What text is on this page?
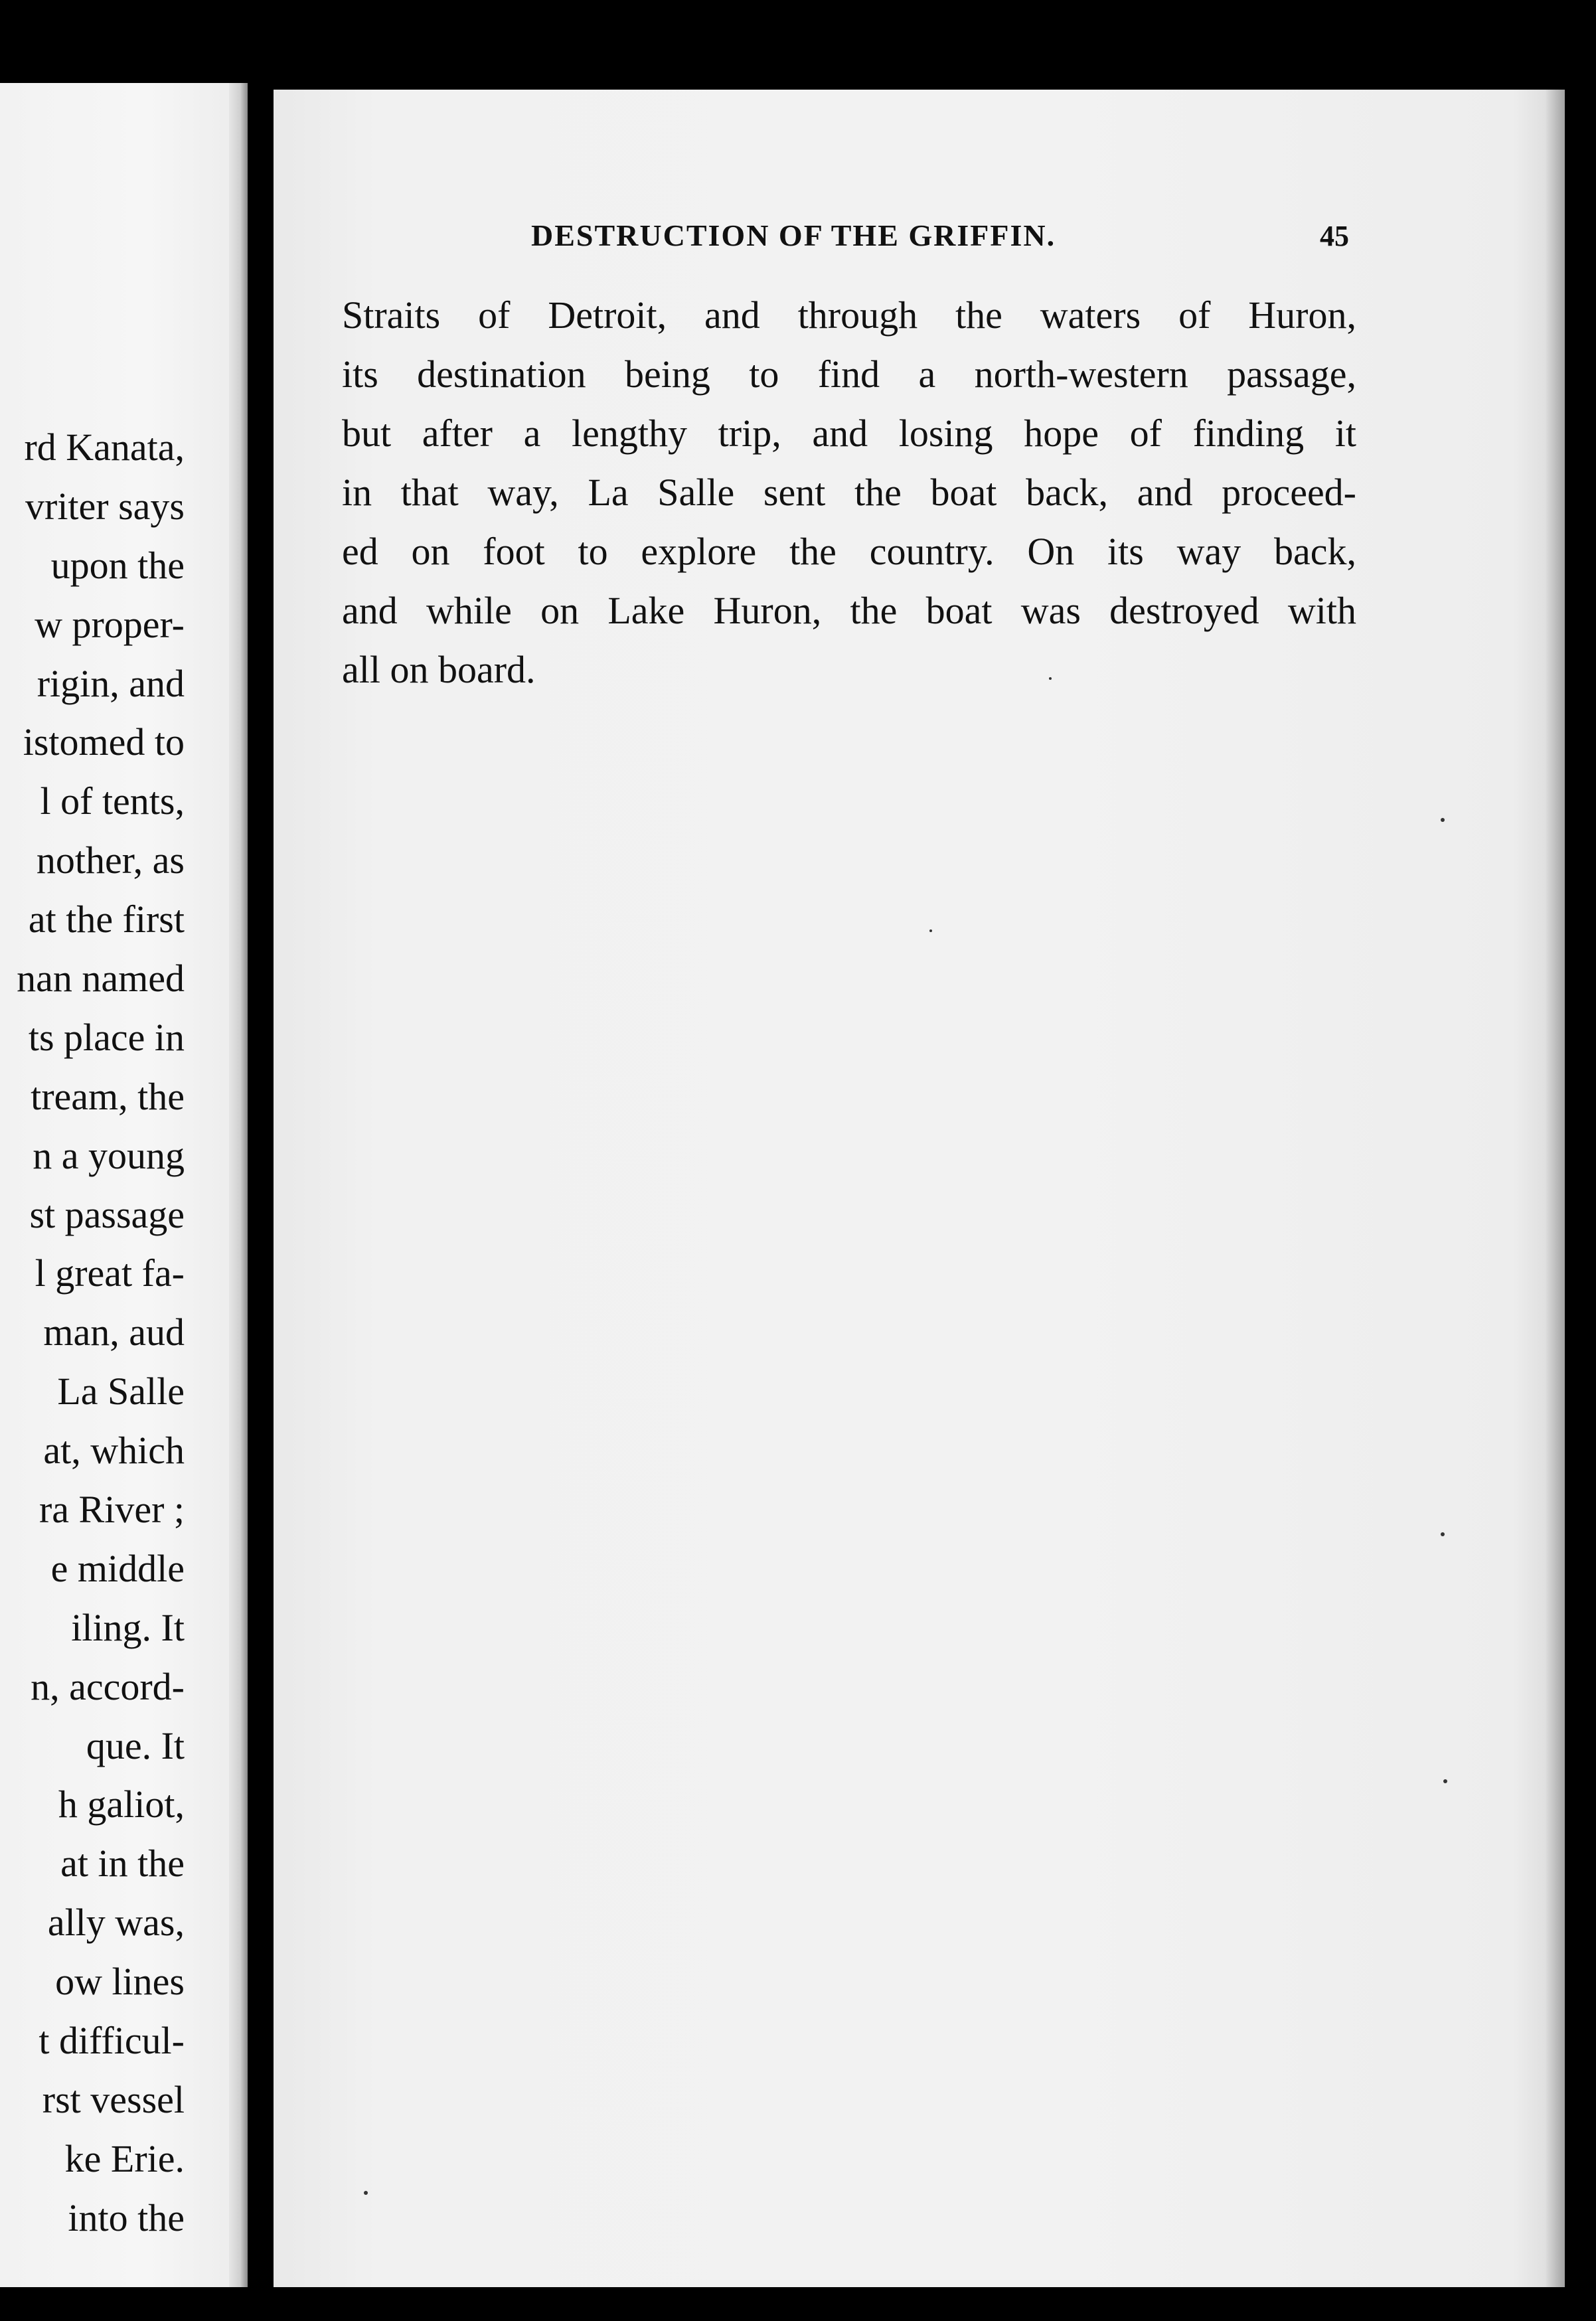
rd Kanata,
vriter says
upon the
w proper-
rigin, and
istomed to
l of tents,
nother, as
at the first
nan named
ts place in
tream, the
n a young
st passage
l great fa-
man, aud
La Salle
at, which
ra River ;
e middle
iling. It
n, accord-
que. It
h galiot,
at in the
ally was,
ow lines
t difficul-
rst vessel
ke Erie.
into the
DESTRUCTION OF THE GRIFFIN.	45
Straits of Detroit, and through the waters of Huron,
its destination being to find a north-western passage,
but after a lengthy trip, and losing hope of finding it
in that way, La Salle sent the boat back, and proceed-
ed on foot to explore the country. On its way back,
and while on Lake Huron, the boat was destroyed with
all on board.
